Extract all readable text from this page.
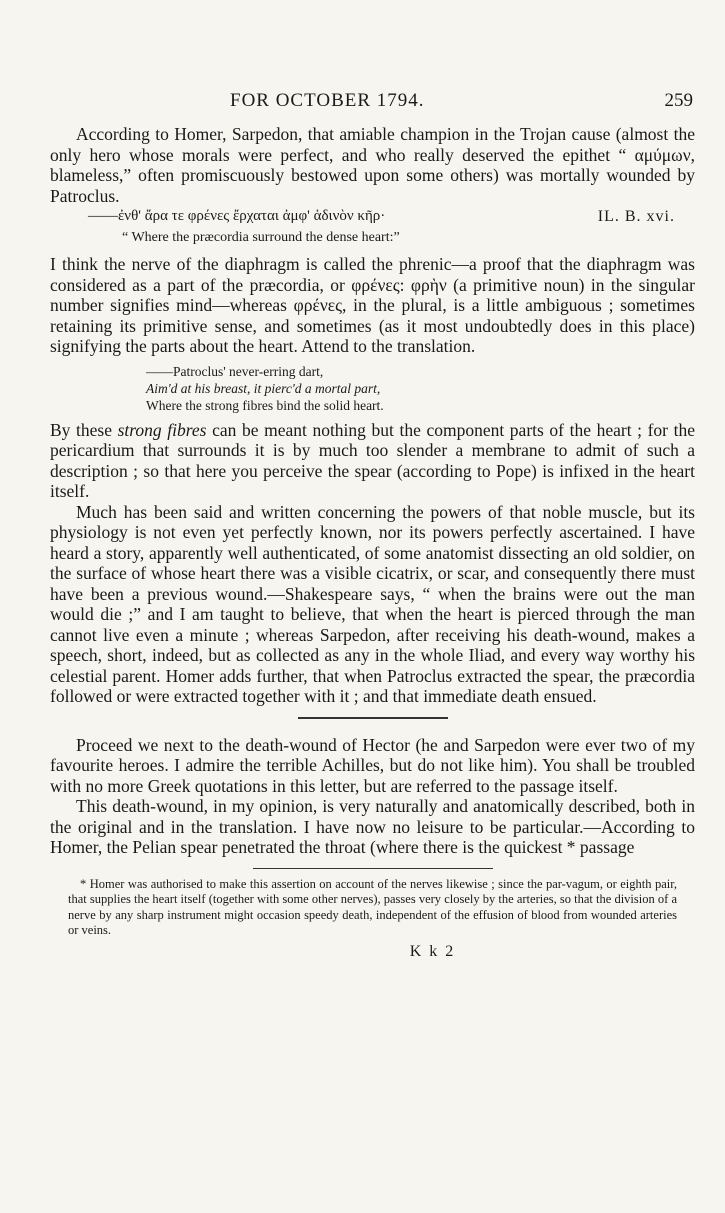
FOR OCTOBER 1794.	259

According to Homer, Sarpedon, that amiable champion in the Trojan cause (almost the only hero whose morals were perfect, and who really deserved the epithet “ αμύμων, blameless,” often promiscuously bestowed upon some others) was mortally wounded by Patroclus.

——ἐνθ' ἄρα τε φρένες ἔρχαται ἀμφ' ἁδινὸν κῆρ·	IL. B. xvi.
“ Where the præcordia surround the dense heart:”

I think the nerve of the diaphragm is called the phrenic—a proof that the diaphragm was considered as a part of the præcordia, or φρένες: φρὴν (a primitive noun) in the singular number signifies mind—whereas φρένες, in the plural, is a little ambiguous ; sometimes retaining its primitive sense, and sometimes (as it most undoubtedly does in this place) signifying the parts about the heart. Attend to the translation.

——Patroclus' never-erring dart,
Aim'd at his breast, it pierc'd a mortal part,
Where the strong fibres bind the solid heart.

By these strong fibres can be meant nothing but the component parts of the heart ; for the pericardium that surrounds it is by much too slender a membrane to admit of such a description ; so that here you perceive the spear (according to Pope) is infixed in the heart itself.

Much has been said and written concerning the powers of that noble muscle, but its physiology is not even yet perfectly known, nor its powers perfectly ascertained. I have heard a story, apparently well authenticated, of some anatomist dissecting an old soldier, on the surface of whose heart there was a visible cicatrix, or scar, and consequently there must have been a previous wound.—Shakespeare says, “ when the brains were out the man would die ;” and I am taught to believe, that when the heart is pierced through the man cannot live even a minute ; whereas Sarpedon, after receiving his death-wound, makes a speech, short, indeed, but as collected as any in the whole Iliad, and every way worthy his celestial parent. Homer adds further, that when Patroclus extracted the spear, the præcordia followed or were extracted together with it ; and that immediate death ensued.

Proceed we next to the death-wound of Hector (he and Sarpedon were ever two of my favourite heroes. I admire the terrible Achilles, but do not like him). You shall be troubled with no more Greek quotations in this letter, but are referred to the passage itself.

This death-wound, in my opinion, is very naturally and anatomically described, both in the original and in the translation. I have now no leisure to be particular.—According to Homer, the Pelian spear penetrated the throat (where there is the quickest * passage

* Homer was authorised to make this assertion on account of the nerves likewise ; since the par-vagum, or eighth pair, that supplies the heart itself (together with some other nerves), passes very closely by the arteries, so that the division of a nerve by any sharp instrument might occasion speedy death, independent of the effusion of blood from wounded arteries or veins.

K k 2
